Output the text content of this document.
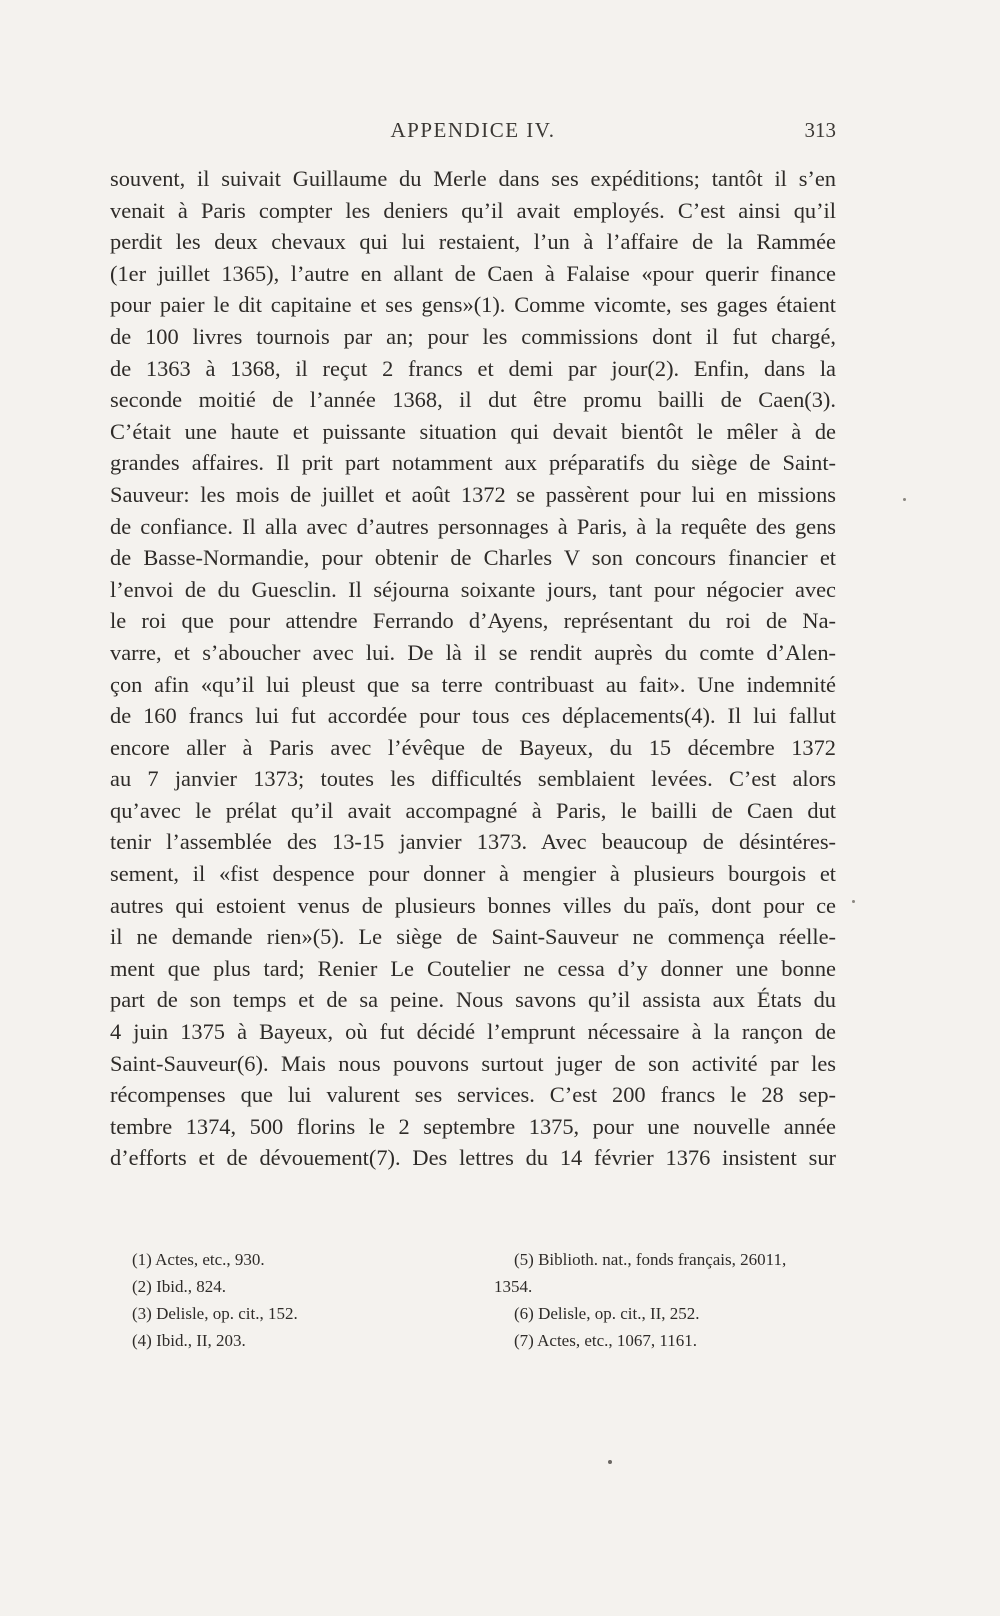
APPENDICE IV.	313
souvent, il suivait Guillaume du Merle dans ses expéditions; tantôt il s’en
venait à Paris compter les deniers qu’il avait employés. C’est ainsi qu’il
perdit les deux chevaux qui lui restaient, l’un à l’affaire de la Rammée
(1er juillet 1365), l’autre en allant de Caen à Falaise «pour querir finance
pour paier le dit capitaine et ses gens»(1). Comme vicomte, ses gages étaient
de 100 livres tournois par an; pour les commissions dont il fut chargé,
de 1363 à 1368, il reçut 2 francs et demi par jour(2). Enfin, dans la
seconde moitié de l’année 1368, il dut être promu bailli de Caen(3).
C’était une haute et puissante situation qui devait bientôt le mêler à de
grandes affaires. Il prit part notamment aux préparatifs du siège de Saint-
Sauveur: les mois de juillet et août 1372 se passèrent pour lui en missions
de confiance. Il alla avec d’autres personnages à Paris, à la requête des gens
de Basse-Normandie, pour obtenir de Charles V son concours financier et
l’envoi de du Guesclin. Il séjourna soixante jours, tant pour négocier avec
le roi que pour attendre Ferrando d’Ayens, représentant du roi de Na-
varre, et s’aboucher avec lui. De là il se rendit auprès du comte d’Alen-
çon afin «qu’il lui pleust que sa terre contribuast au fait». Une indemnité
de 160 francs lui fut accordée pour tous ces déplacements(4). Il lui fallut
encore aller à Paris avec l’évêque de Bayeux, du 15 décembre 1372
au 7 janvier 1373; toutes les difficultés semblaient levées. C’est alors
qu’avec le prélat qu’il avait accompagné à Paris, le bailli de Caen dut
tenir l’assemblée des 13-15 janvier 1373. Avec beaucoup de désintéres-
sement, il «fist despence pour donner à mengier à plusieurs bourgois et
autres qui estoient venus de plusieurs bonnes villes du païs, dont pour ce
il ne demande rien»(5). Le siège de Saint-Sauveur ne commença réelle-
ment que plus tard; Renier Le Coutelier ne cessa d’y donner une bonne
part de son temps et de sa peine. Nous savons qu’il assista aux États du
4 juin 1375 à Bayeux, où fut décidé l’emprunt nécessaire à la rançon de
Saint-Sauveur(6). Mais nous pouvons surtout juger de son activité par les
récompenses que lui valurent ses services. C’est 200 francs le 28 sep-
tembre 1374, 500 florins le 2 septembre 1375, pour une nouvelle année
d’efforts et de dévouement(7). Des lettres du 14 février 1376 insistent sur
(1) Actes, etc., 930.
(2) Ibid., 824.
(3) Delisle, op. cit., 152.
(4) Ibid., II, 203.
(5) Biblioth. nat., fonds français, 26011,
1354.
(6) Delisle, op. cit., II, 252.
(7) Actes, etc., 1067, 1161.
